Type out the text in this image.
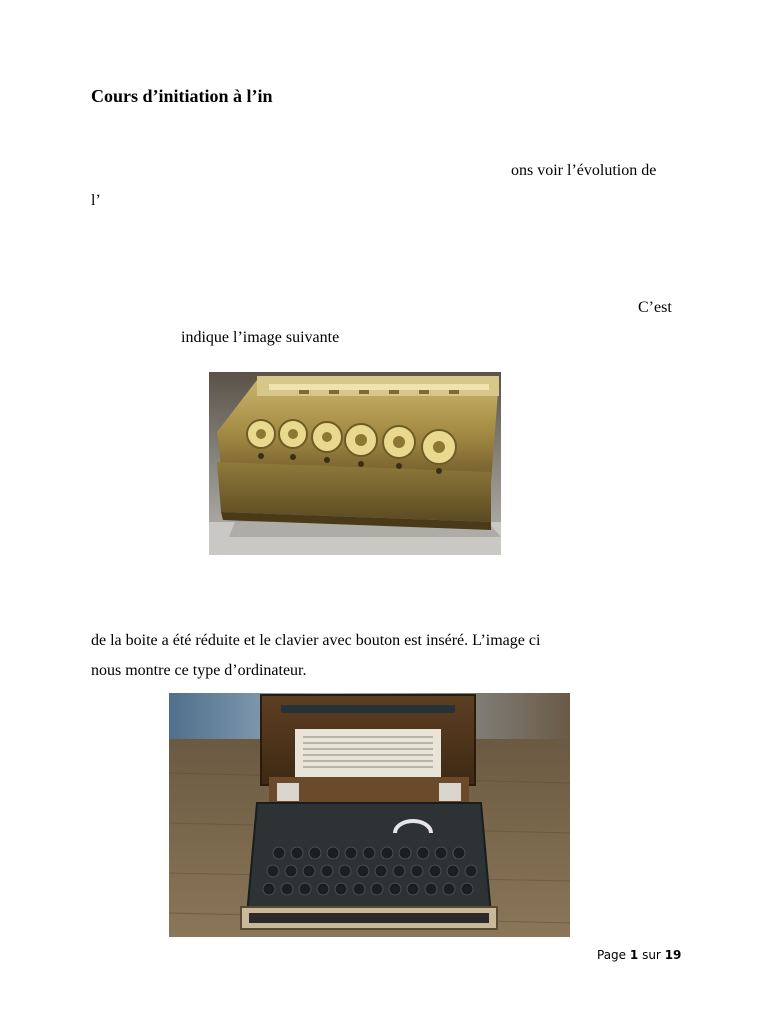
Cours d’initiation à l’in
ons voir l’évolution de
l’
C’est
indique l’image suivante
de la boite a été réduite et le clavier avec bouton est inséré. L’image ci
nous montre ce type d’ordinateur.
Page 1 sur 19
